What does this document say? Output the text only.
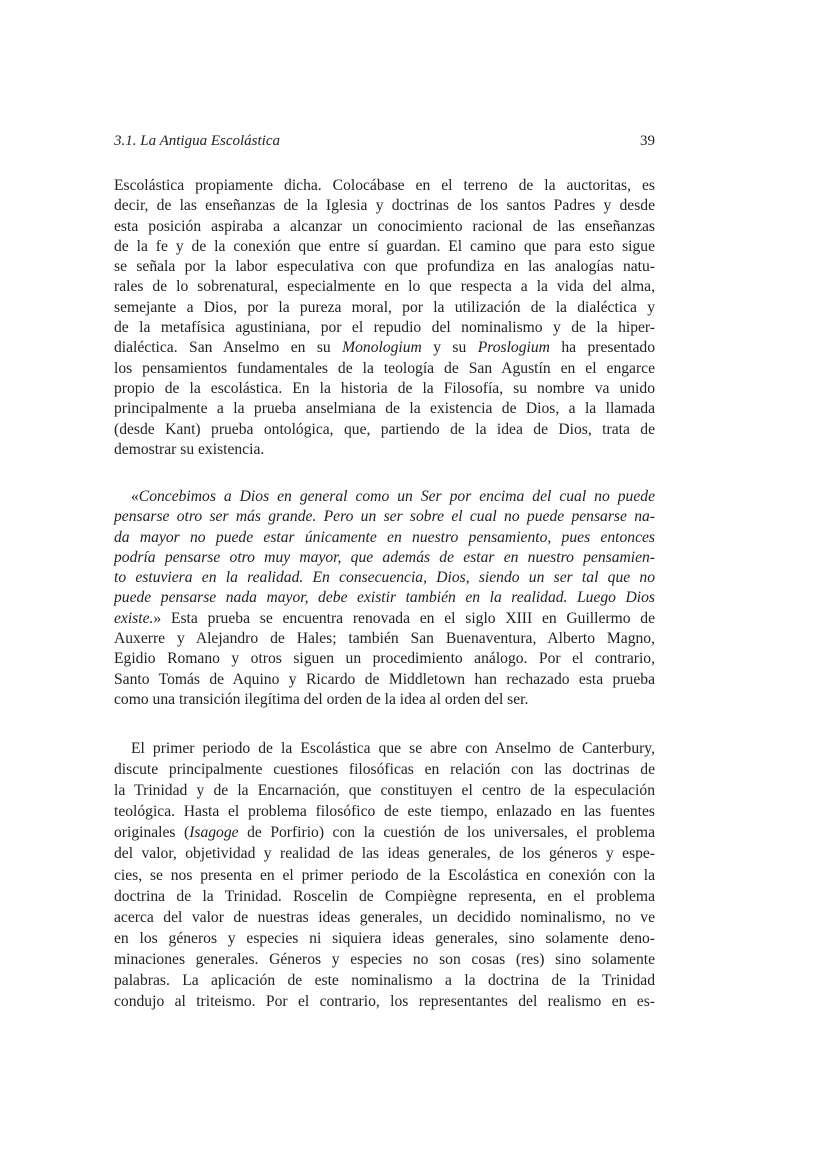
3.1. La Antigua Escolástica	39
Escolástica propiamente dicha. Colocábase en el terreno de la auctoritas, es
decir, de las enseñanzas de la Iglesia y doctrinas de los santos Padres y desde
esta posición aspiraba a alcanzar un conocimiento racional de las enseñanzas
de la fe y de la conexión que entre sí guardan. El camino que para esto sigue
se señala por la labor especulativa con que profundiza en las analogías natu-
rales de lo sobrenatural, especialmente en lo que respecta a la vida del alma,
semejante a Dios, por la pureza moral, por la utilización de la dialéctica y
de la metafísica agustiniana, por el repudio del nominalismo y de la hiper-
dialéctica. San Anselmo en su Monologium y su Proslogium ha presentado
los pensamientos fundamentales de la teología de San Agustín en el engarce
propio de la escolástica. En la historia de la Filosofía, su nombre va unido
principalmente a la prueba anselmiana de la existencia de Dios, a la llamada
(desde Kant) prueba ontológica, que, partiendo de la idea de Dios, trata de
demostrar su existencia.
«Concebimos a Dios en general como un Ser por encima del cual no puede
pensarse otro ser más grande. Pero un ser sobre el cual no puede pensarse na-
da mayor no puede estar únicamente en nuestro pensamiento, pues entonces
podría pensarse otro muy mayor, que además de estar en nuestro pensamien-
to estuviera en la realidad. En consecuencia, Dios, siendo un ser tal que no
puede pensarse nada mayor, debe existir también en la realidad. Luego Dios
existe.» Esta prueba se encuentra renovada en el siglo XIII en Guillermo de
Auxerre y Alejandro de Hales; también San Buenaventura, Alberto Magno,
Egidio Romano y otros siguen un procedimiento análogo. Por el contrario,
Santo Tomás de Aquino y Ricardo de Middletown han rechazado esta prueba
como una transición ilegítima del orden de la idea al orden del ser.
El primer periodo de la Escolástica que se abre con Anselmo de Canterbury,
discute principalmente cuestiones filosóficas en relación con las doctrinas de
la Trinidad y de la Encarnación, que constituyen el centro de la especulación
teológica. Hasta el problema filosófico de este tiempo, enlazado en las fuentes
originales (Isagoge de Porfirio) con la cuestión de los universales, el problema
del valor, objetividad y realidad de las ideas generales, de los géneros y espe-
cies, se nos presenta en el primer periodo de la Escolástica en conexión con la
doctrina de la Trinidad. Roscelin de Compiègne representa, en el problema
acerca del valor de nuestras ideas generales, un decidido nominalismo, no ve
en los géneros y especies ni siquiera ideas generales, sino solamente deno-
minaciones generales. Géneros y especies no son cosas (res) sino solamente
palabras. La aplicación de este nominalismo a la doctrina de la Trinidad
condujo al triteismo. Por el contrario, los representantes del realismo en es-
